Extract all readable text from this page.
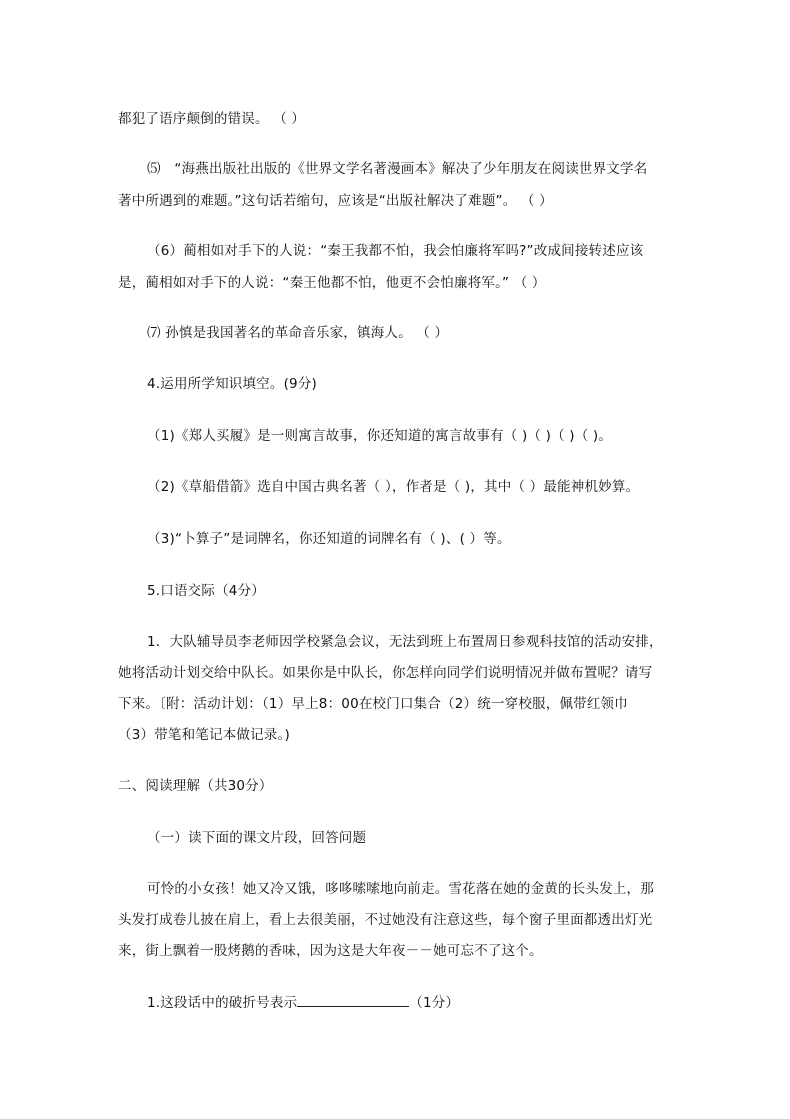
都犯了语序颠倒的错误。 （ ）
⑸　“海燕出版社出版的《世界文学名著漫画本》解决了少年朋友在阅读世界文学名
著中所遇到的难题。”这句话若缩句，应该是“出版社解决了难题”。 （ ）
（6）蔺相如对手下的人说：“秦王我都不怕，我会怕廉将军吗?”改成间接转述应该
是，蔺相如对手下的人说：“秦王他都不怕，他更不会怕廉将军。” （ ）
⑺ 孙慎是我国著名的革命音乐家，镇海人。 （ ）
4.运用所学知识填空。(9分)
（1)《郑人买履》是一则寓言故事，你还知道的寓言故事有（ )（ )（ )（ )。
（2)《草船借箭》选自中国古典名著（ ），作者是（ )，其中（ ）最能神机妙算。
（3)“卜算子”是词牌名，你还知道的词牌名有（ )、( ）等。
5.口语交际（4分）
1．大队辅导员李老师因学校紧急会议，无法到班上布置周日参观科技馆的活动安排，
她将活动计划交给中队长。如果你是中队长，你怎样向同学们说明情况并做布置呢？请写
下来。〔附：活动计划：（1）早上8：00在校门口集合（2）统一穿校服，佩带红领巾
（3）带笔和笔记本做记录。)
二、阅读理解（共30分）
（一）读下面的课文片段，回答问题
可怜的小女孩！她又冷又饿，哆哆嗦嗦地向前走。雪花落在她的金黄的长头发上，那
头发打成卷儿披在肩上，看上去很美丽，不过她没有注意这些，每个窗子里面都透出灯光
来，街上飘着一股烤鹅的香味，因为这是大年夜－－她可忘不了这个。
1.这段话中的破折号表示	（1分）
